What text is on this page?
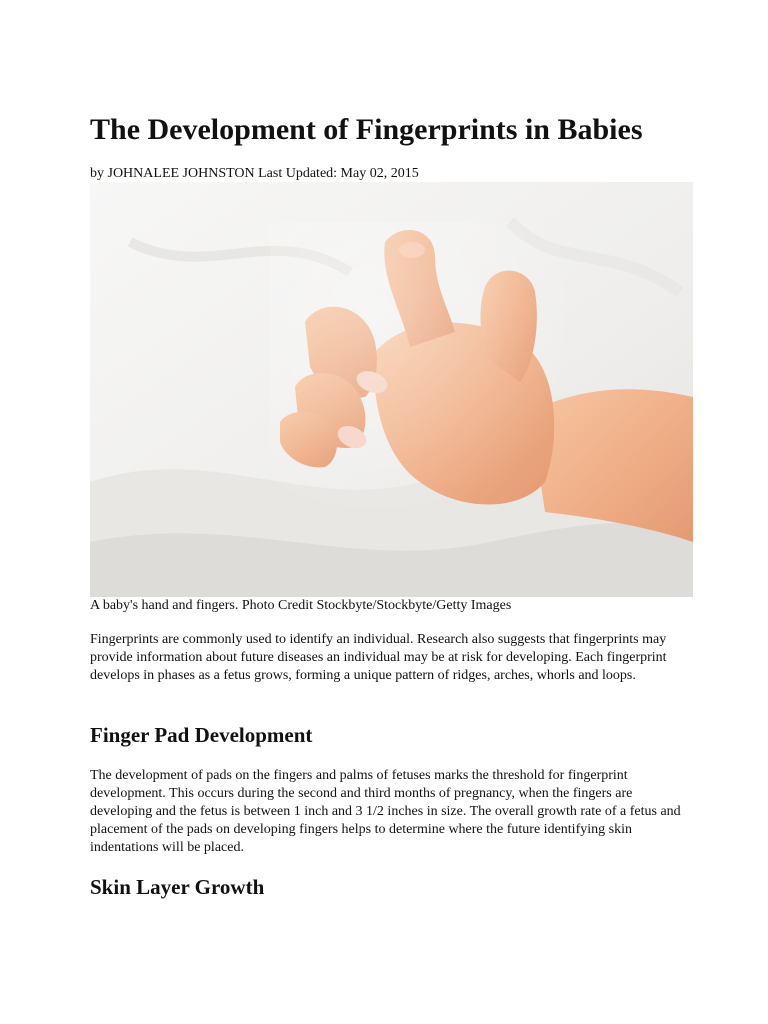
The Development of Fingerprints in Babies

by JOHNALEE JOHNSTON Last Updated: May 02, 2015

A baby's hand and fingers. Photo Credit Stockbyte/Stockbyte/Getty Images

Fingerprints are commonly used to identify an individual. Research also suggests that fingerprints may provide information about future diseases an individual may be at risk for developing. Each fingerprint develops in phases as a fetus grows, forming a unique pattern of ridges, arches, whorls and loops.

Finger Pad Development

The development of pads on the fingers and palms of fetuses marks the threshold for fingerprint development. This occurs during the second and third months of pregnancy, when the fingers are developing and the fetus is between 1 inch and 3 1/2 inches in size. The overall growth rate of a fetus and placement of the pads on developing fingers helps to determine where the future identifying skin indentations will be placed.

Skin Layer Growth
